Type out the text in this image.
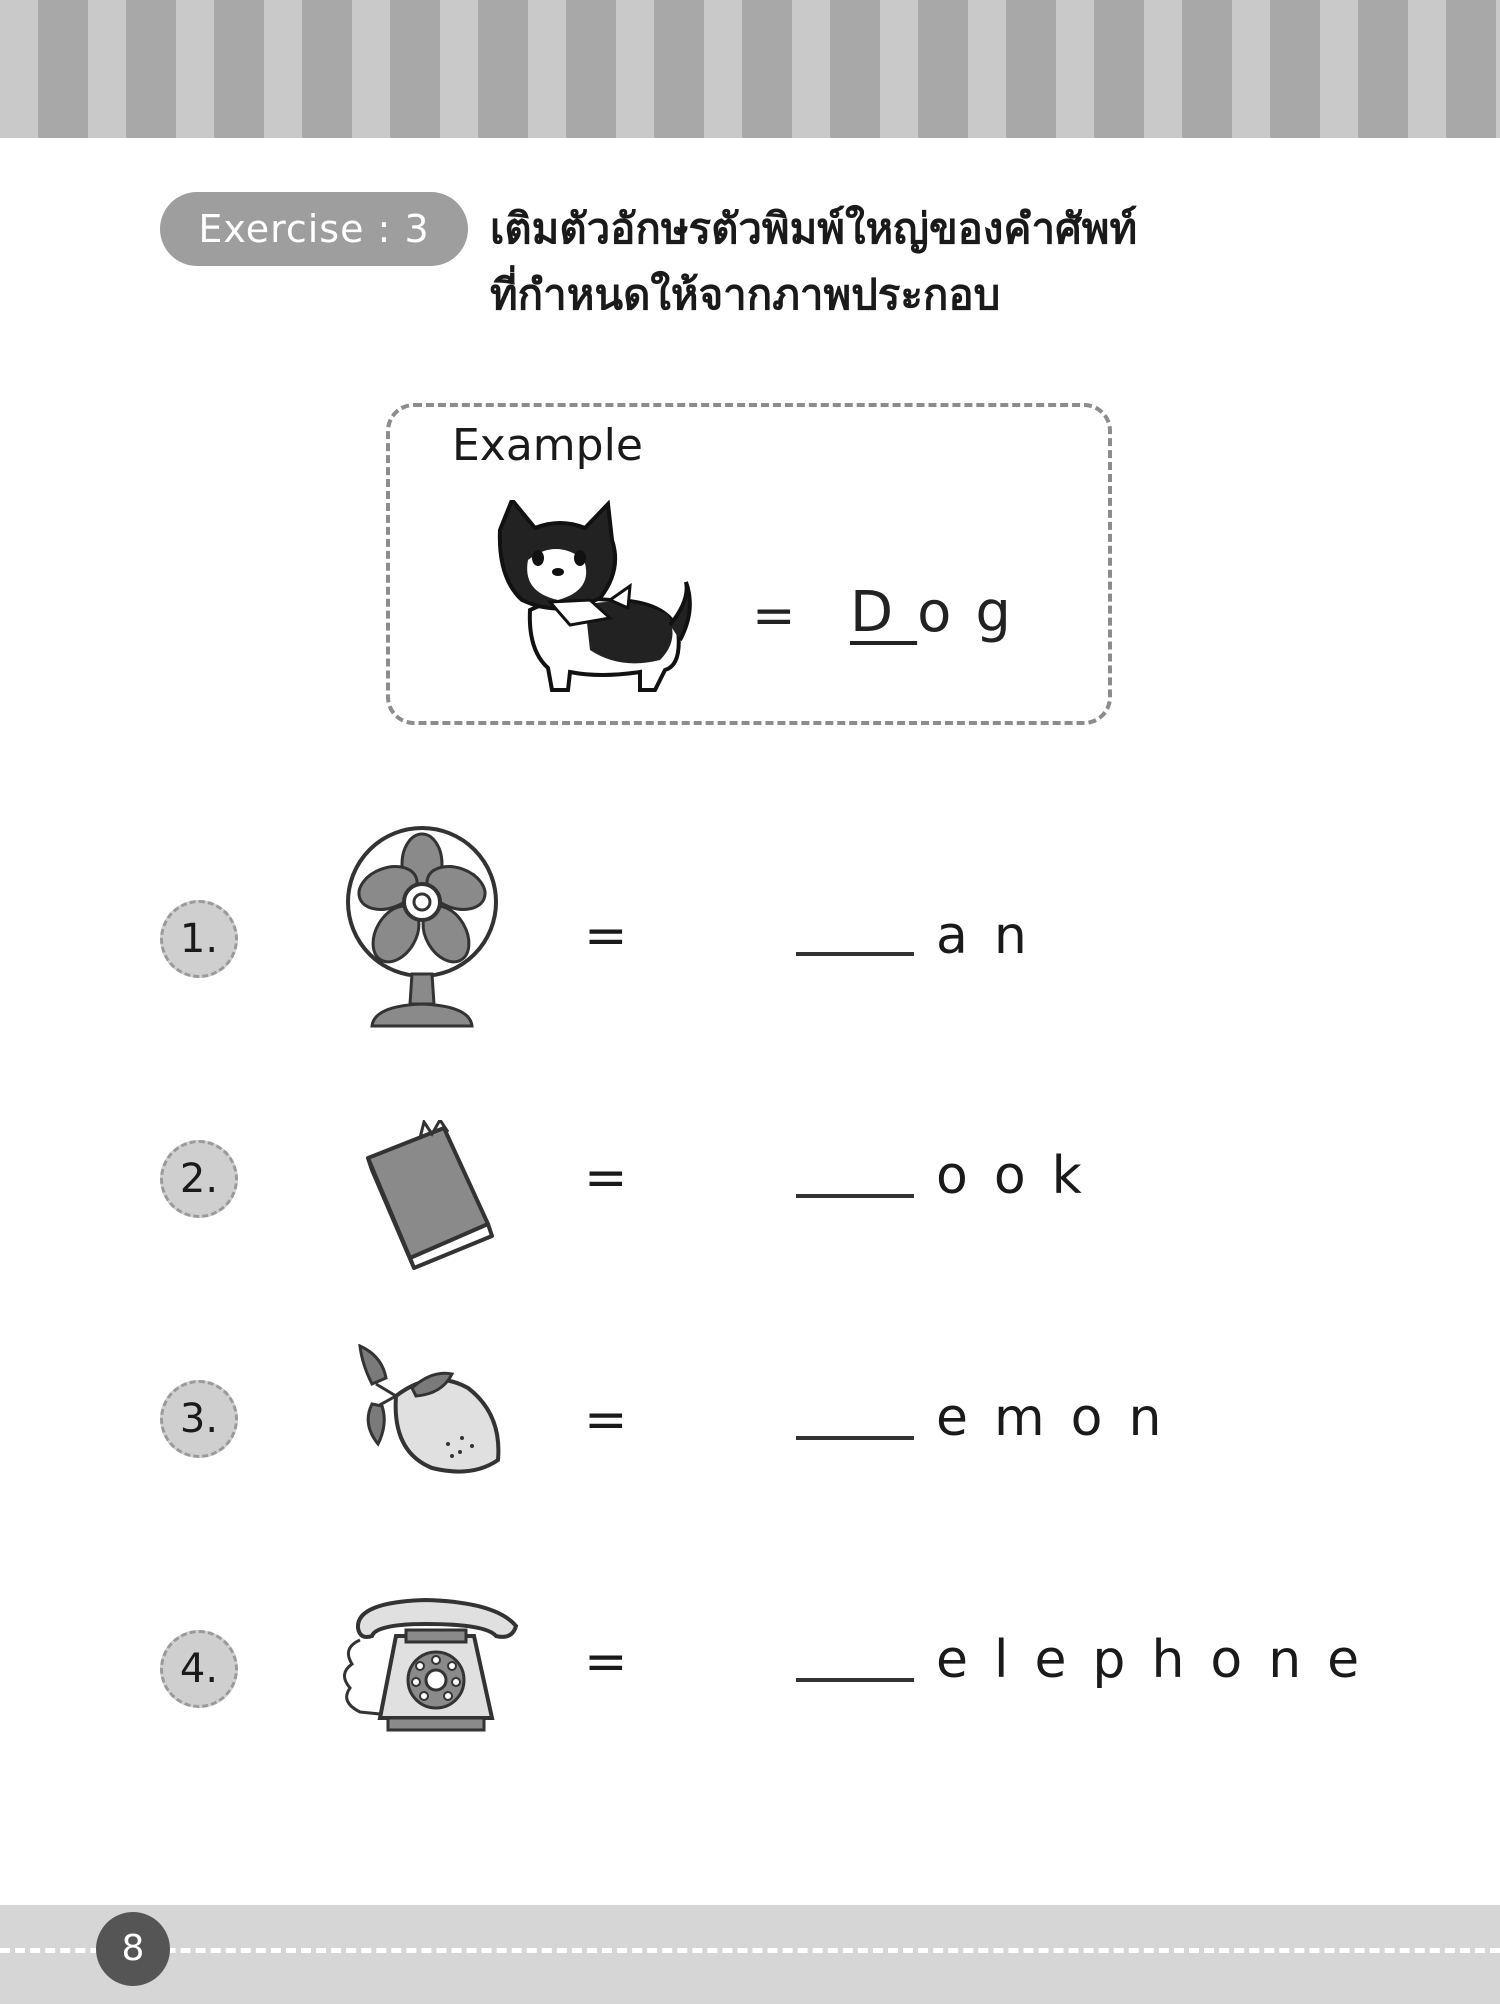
Exercise : 3	เติมตัวอักษรตัวพิมพ์ใหญ่ของคำศัพท์
ที่กำหนดให้จากภาพประกอบ
Example
= Dog
1.	=	an
2.	=	ook
3.	=	emon
4.	=	elephone
8
